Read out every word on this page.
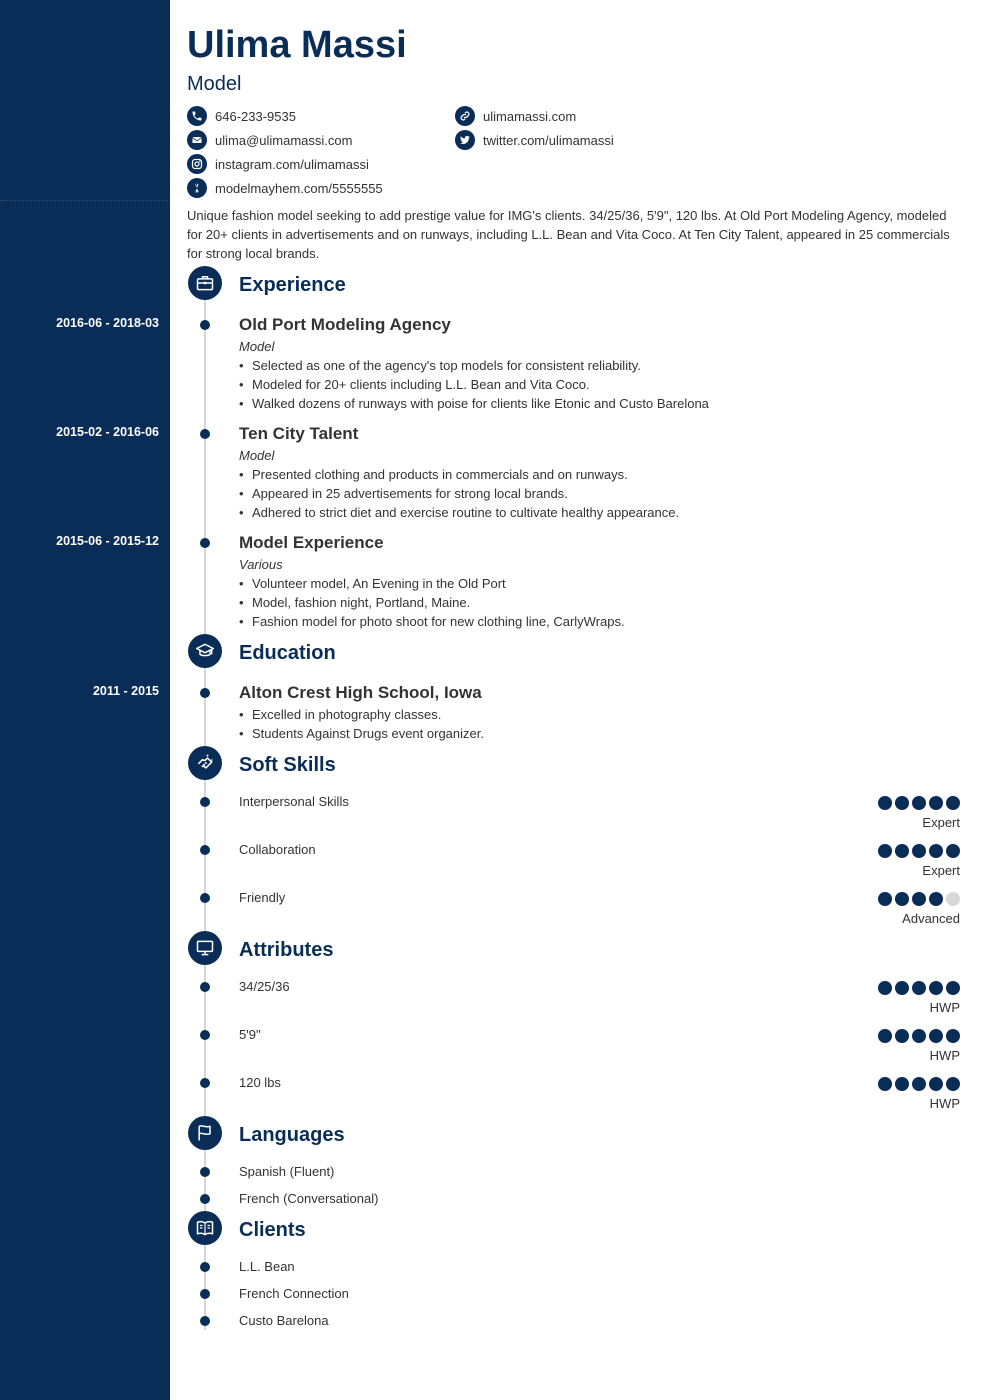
2016-06 - 2018-03
2015-02 - 2016-06
2015-06 - 2015-12
2011 - 2015
Ulima Massi
Model
646-233-9535
ulima@ulimamassi.com
instagram.com/ulimamassi
modelmayhem.com/5555555
ulimamassi.com
twitter.com/ulimamassi

Unique fashion model seeking to add prestige value for IMG's clients. 34/25/36, 5'9", 120 lbs. At Old Port Modeling Agency, modeled for 20+ clients in advertisements and on runways, including L.L. Bean and Vita Coco. At Ten City Talent, appeared in 25 commercials for strong local brands.

Experience
Old Port Modeling Agency
Model
• Selected as one of the agency's top models for consistent reliability.
• Modeled for 20+ clients including L.L. Bean and Vita Coco.
• Walked dozens of runways with poise for clients like Etonic and Custo Barelona
Ten City Talent
Model
• Presented clothing and products in commercials and on runways.
• Appeared in 25 advertisements for strong local brands.
• Adhered to strict diet and exercise routine to cultivate healthy appearance.
Model Experience
Various
• Volunteer model, An Evening in the Old Port
• Model, fashion night, Portland, Maine.
• Fashion model for photo shoot for new clothing line, CarlyWraps.
Education
Alton Crest High School, Iowa
• Excelled in photography classes.
• Students Against Drugs event organizer.
Soft Skills
Interpersonal Skills
Expert
Collaboration
Expert
Friendly
Advanced
Attributes
34/25/36
HWP
5'9"
HWP
120 lbs
HWP
Languages
Spanish (Fluent)
French (Conversational)
Clients
L.L. Bean
French Connection
Custo Barelona
